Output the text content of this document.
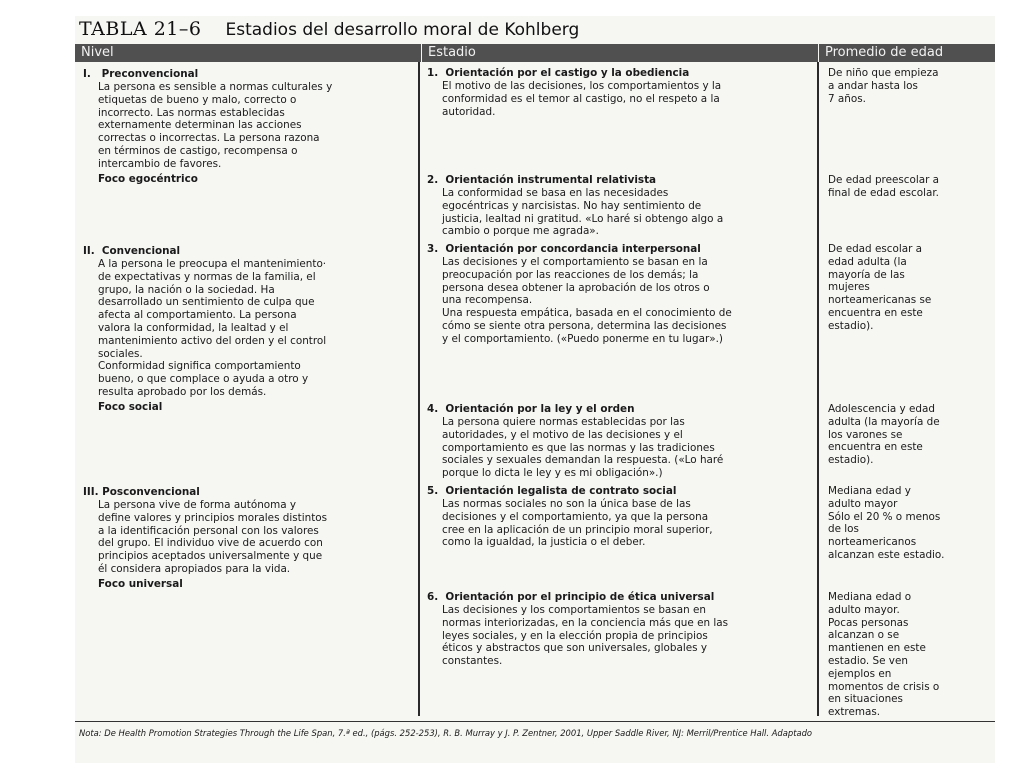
TABLA 21–6 Estadios del desarrollo moral de Kohlberg
Nivel	Estadio	Promedio de edad
I.   Preconvencional
La persona es sensible a normas culturales y
etiquetas de bueno y malo, correcto o
incorrecto. Las normas establecidas
externamente determinan las acciones
correctas o incorrectas. La persona razona
en términos de castigo, recompensa o
intercambio de favores.
Foco egocéntrico
II.  Convencional
A la persona le preocupa el mantenimiento·
de expectativas y normas de la familia, el
grupo, la nación o la sociedad. Ha
desarrollado un sentimiento de culpa que
afecta al comportamiento. La persona
valora la conformidad, la lealtad y el
mantenimiento activo del orden y el control
sociales.
Conformidad significa comportamiento
bueno, o que complace o ayuda a otro y
resulta aprobado por los demás.
Foco social
III. Posconvencional
La persona vive de forma autónoma y
define valores y principios morales distintos
a la identificación personal con los valores
del grupo. El individuo vive de acuerdo con
principios aceptados universalmente y que
él considera apropiados para la vida.
Foco universal
1.  Orientación por el castigo y la obediencia
El motivo de las decisiones, los comportamientos y la
conformidad es el temor al castigo, no el respeto a la
autoridad.
De niño que empieza
a andar hasta los
7 años.
2.  Orientación instrumental relativista
La conformidad se basa en las necesidades
egocéntricas y narcisistas. No hay sentimiento de
justicia, lealtad ni gratitud. «Lo haré si obtengo algo a
cambio o porque me agrada».
De edad preescolar a
final de edad escolar.
3.  Orientación por concordancia interpersonal
Las decisiones y el comportamiento se basan en la
preocupación por las reacciones de los demás; la
persona desea obtener la aprobación de los otros o
una recompensa.
Una respuesta empática, basada en el conocimiento de
cómo se siente otra persona, determina las decisiones
y el comportamiento. («Puedo ponerme en tu lugar».)
De edad escolar a
edad adulta (la
mayoría de las
mujeres
norteamericanas se
encuentra en este
estadio).
4.  Orientación por la ley y el orden
La persona quiere normas establecidas por las
autoridades, y el motivo de las decisiones y el
comportamiento es que las normas y las tradiciones
sociales y sexuales demandan la respuesta. («Lo haré
porque lo dicta le ley y es mi obligación».)
Adolescencia y edad
adulta (la mayoría de
los varones se
encuentra en este
estadio).
5.  Orientación legalista de contrato social
Las normas sociales no son la única base de las
decisiones y el comportamiento, ya que la persona
cree en la aplicación de un principio moral superior,
como la igualdad, la justicia o el deber.
Mediana edad y
adulto mayor
Sólo el 20 % o menos
de los
norteamericanos
alcanzan este estadio.
6.  Orientación por el principio de ética universal
Las decisiones y los comportamientos se basan en
normas interiorizadas, en la conciencia más que en las
leyes sociales, y en la elección propia de principios
éticos y abstractos que son universales, globales y
constantes.
Mediana edad o
adulto mayor.
Pocas personas
alcanzan o se
mantienen en este
estadio. Se ven
ejemplos en
momentos de crisis o
en situaciones
extremas.
Nota: De Health Promotion Strategies Through the Life Span, 7.ª ed., (págs. 252-253), R. B. Murray y J. P. Zentner, 2001, Upper Saddle River, NJ: Merril/Prentice Hall. Adaptado
